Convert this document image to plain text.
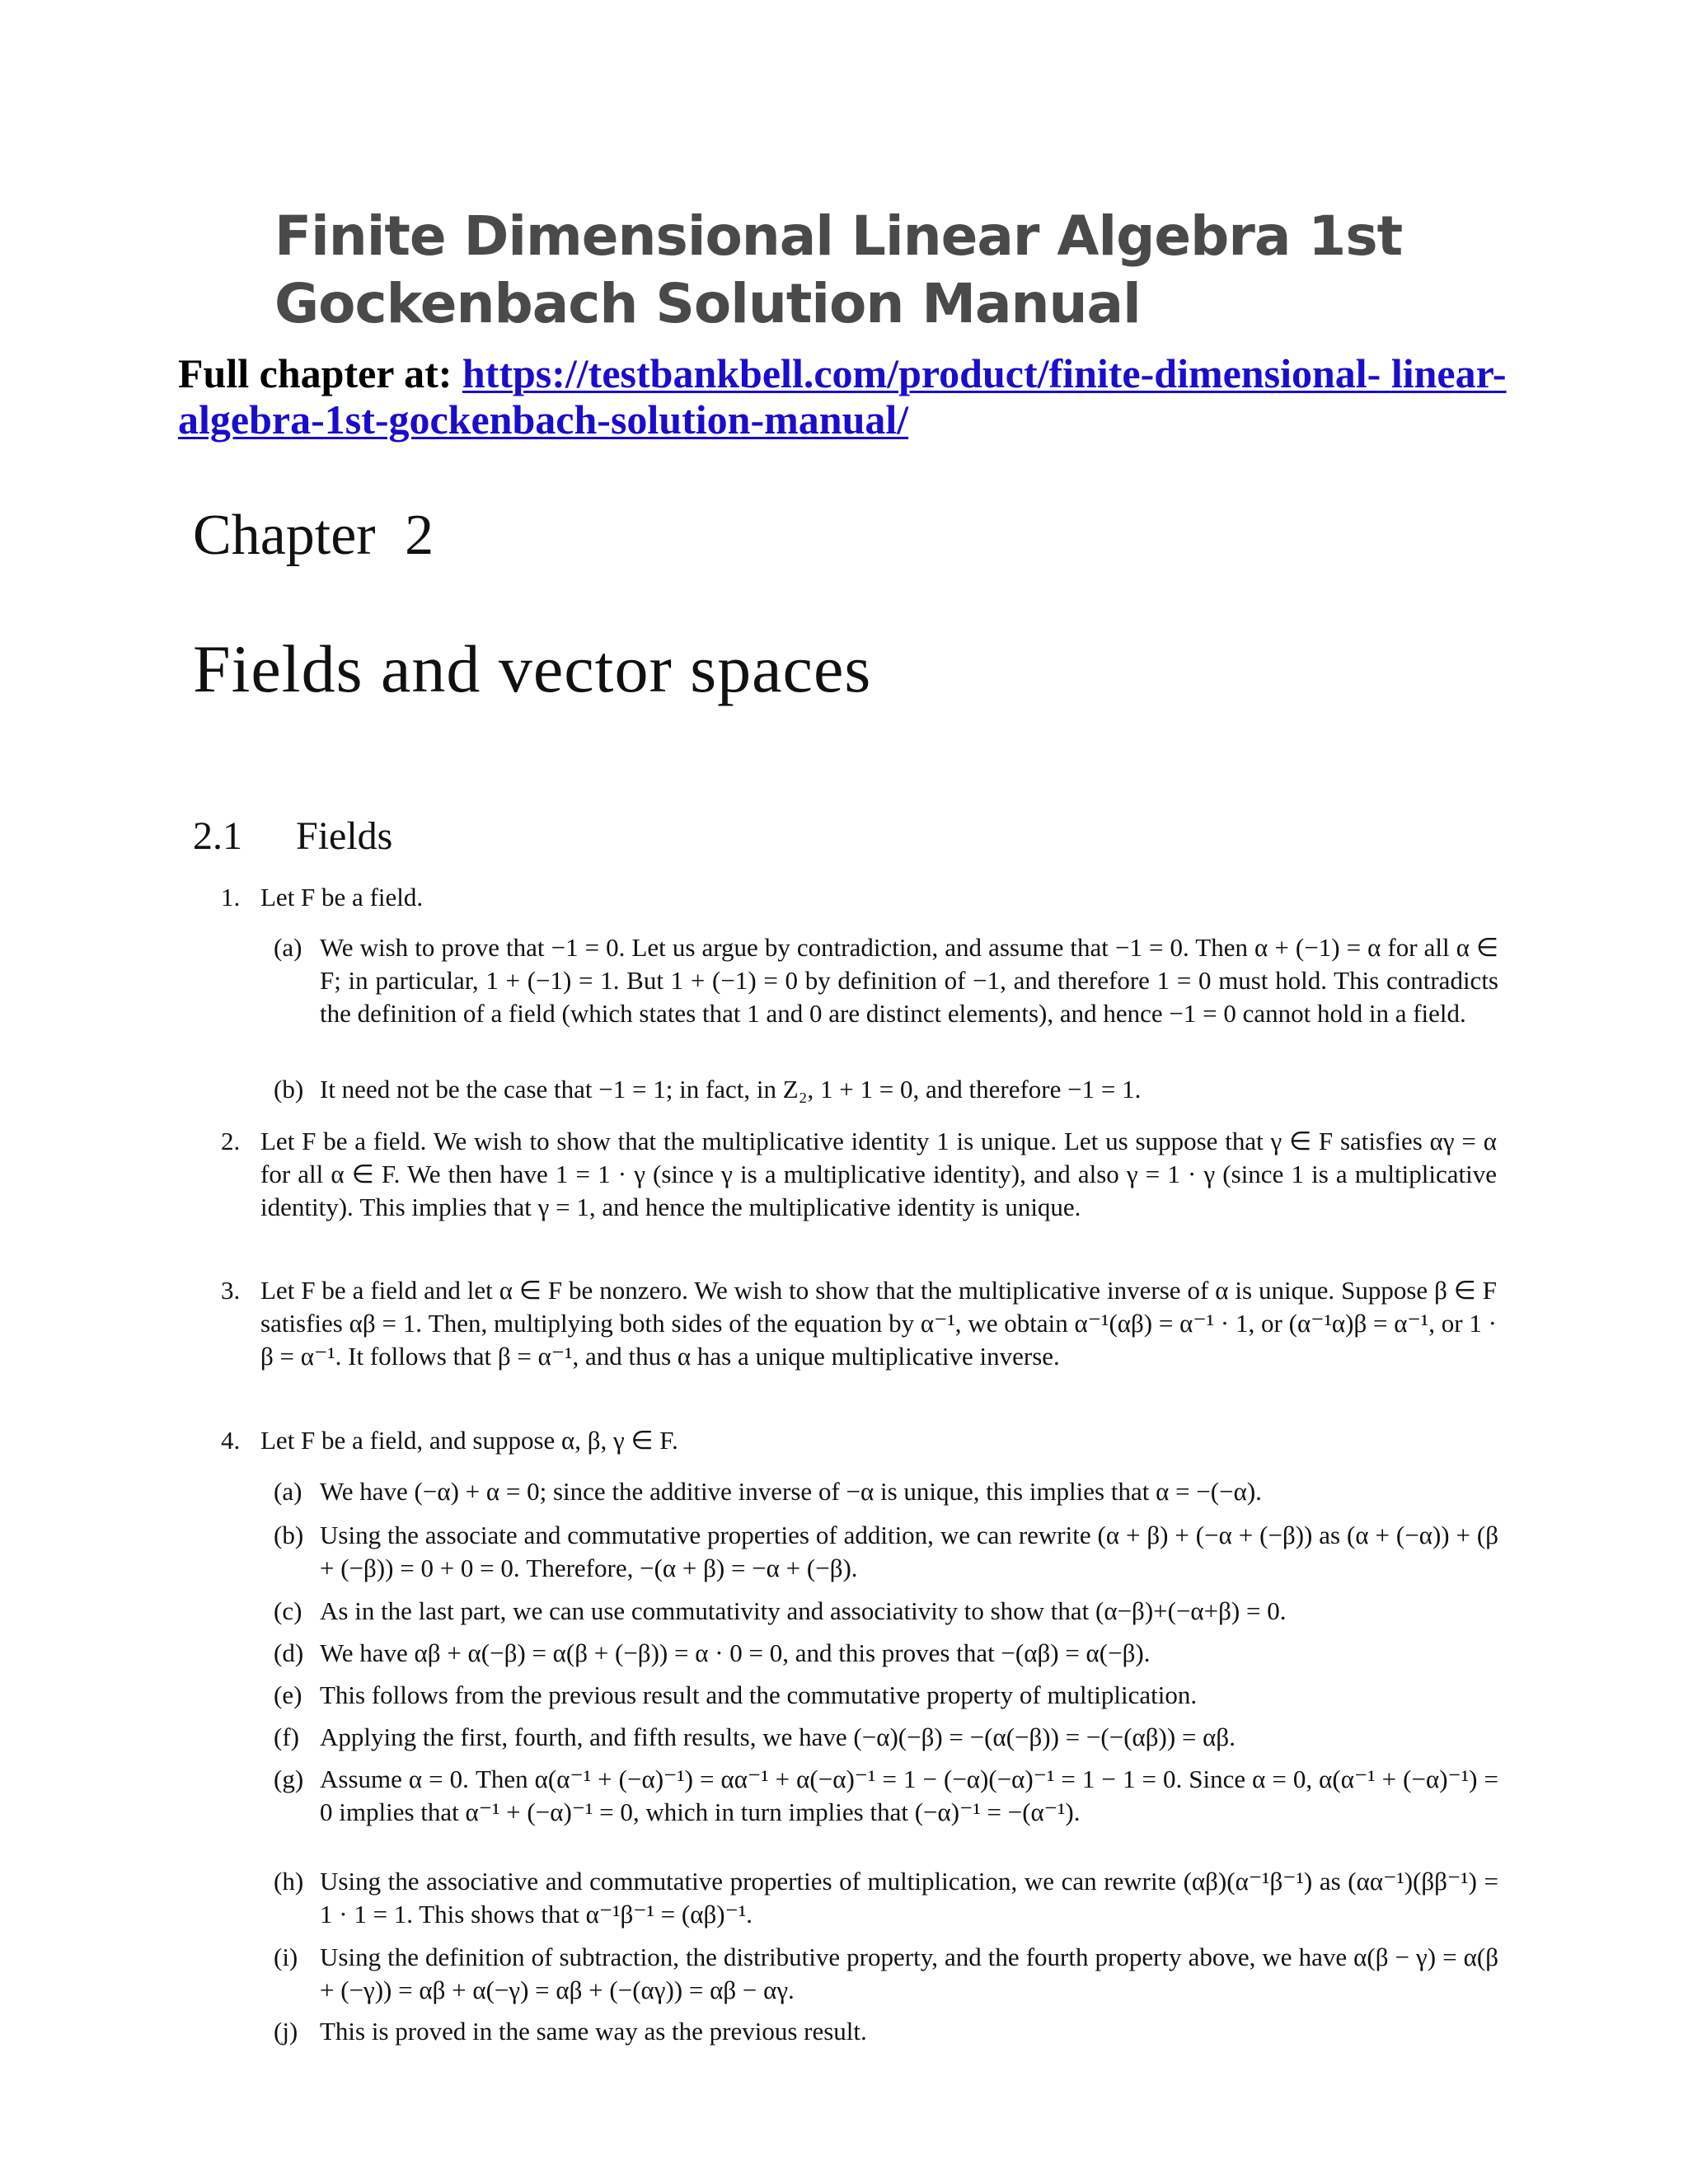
Finite Dimensional Linear Algebra 1st
Gockenbach Solution Manual
Full chapter at: https://testbankbell.com/product/finite-dimensional- linear-algebra-1st-gockenbach-solution-manual/
Chapter 2
Fields and vector spaces
2.1 Fields
1. Let F be a field.
(a) We wish to prove that −1 = 0. Let us argue by contradiction, and assume that −1 = 0. Then α + (−1) = α for all α ∈ F; in particular, 1 + (−1) = 1. But 1 + (−1) = 0 by definition of −1, and therefore 1 = 0 must hold. This contradicts the definition of a field (which states that 1 and 0 are distinct elements), and hence −1 = 0 cannot hold in a field.
(b) It need not be the case that −1 = 1; in fact, in Z₂, 1 + 1 = 0, and therefore −1 = 1.
2. Let F be a field. We wish to show that the multiplicative identity 1 is unique. Let us suppose that γ ∈ F satisfies αγ = α for all α ∈ F. We then have 1 = 1 · γ (since γ is a multiplicative identity), and also γ = 1 · γ (since 1 is a multiplicative identity). This implies that γ = 1, and hence the multiplicative identity is unique.
3. Let F be a field and let α ∈ F be nonzero. We wish to show that the multiplicative inverse of α is unique. Suppose β ∈ F satisfies αβ = 1. Then, multiplying both sides of the equation by α⁻¹, we obtain α⁻¹(αβ) = α⁻¹ · 1, or (α⁻¹α)β = α⁻¹, or 1 · β = α⁻¹. It follows that β = α⁻¹, and thus α has a unique multiplicative inverse.
4. Let F be a field, and suppose α, β, γ ∈ F.
(a) We have (−α) + α = 0; since the additive inverse of −α is unique, this implies that α = −(−α).
(b) Using the associate and commutative properties of addition, we can rewrite (α + β) + (−α + (−β)) as (α + (−α)) + (β + (−β)) = 0 + 0 = 0. Therefore, −(α + β) = −α + (−β).
(c) As in the last part, we can use commutativity and associativity to show that (α−β)+(−α+β) = 0.
(d) We have αβ + α(−β) = α(β + (−β)) = α · 0 = 0, and this proves that −(αβ) = α(−β).
(e) This follows from the previous result and the commutative property of multiplication.
(f) Applying the first, fourth, and fifth results, we have (−α)(−β) = −(α(−β)) = −(−(αβ)) = αβ.
(g) Assume α = 0. Then α(α⁻¹ + (−α)⁻¹) = αα⁻¹ + α(−α)⁻¹ = 1 − (−α)(−α)⁻¹ = 1 − 1 = 0. Since α = 0, α(α⁻¹ + (−α)⁻¹) = 0 implies that α⁻¹ + (−α)⁻¹ = 0, which in turn implies that (−α)⁻¹ = −(α⁻¹).
(h) Using the associative and commutative properties of multiplication, we can rewrite (αβ)(α⁻¹β⁻¹) as (αα⁻¹)(ββ⁻¹) = 1 · 1 = 1. This shows that α⁻¹β⁻¹ = (αβ)⁻¹.
(i) Using the definition of subtraction, the distributive property, and the fourth property above, we have α(β − γ) = α(β + (−γ)) = αβ + α(−γ) = αβ + (−(αγ)) = αβ − αγ.
(j) This is proved in the same way as the previous result.
